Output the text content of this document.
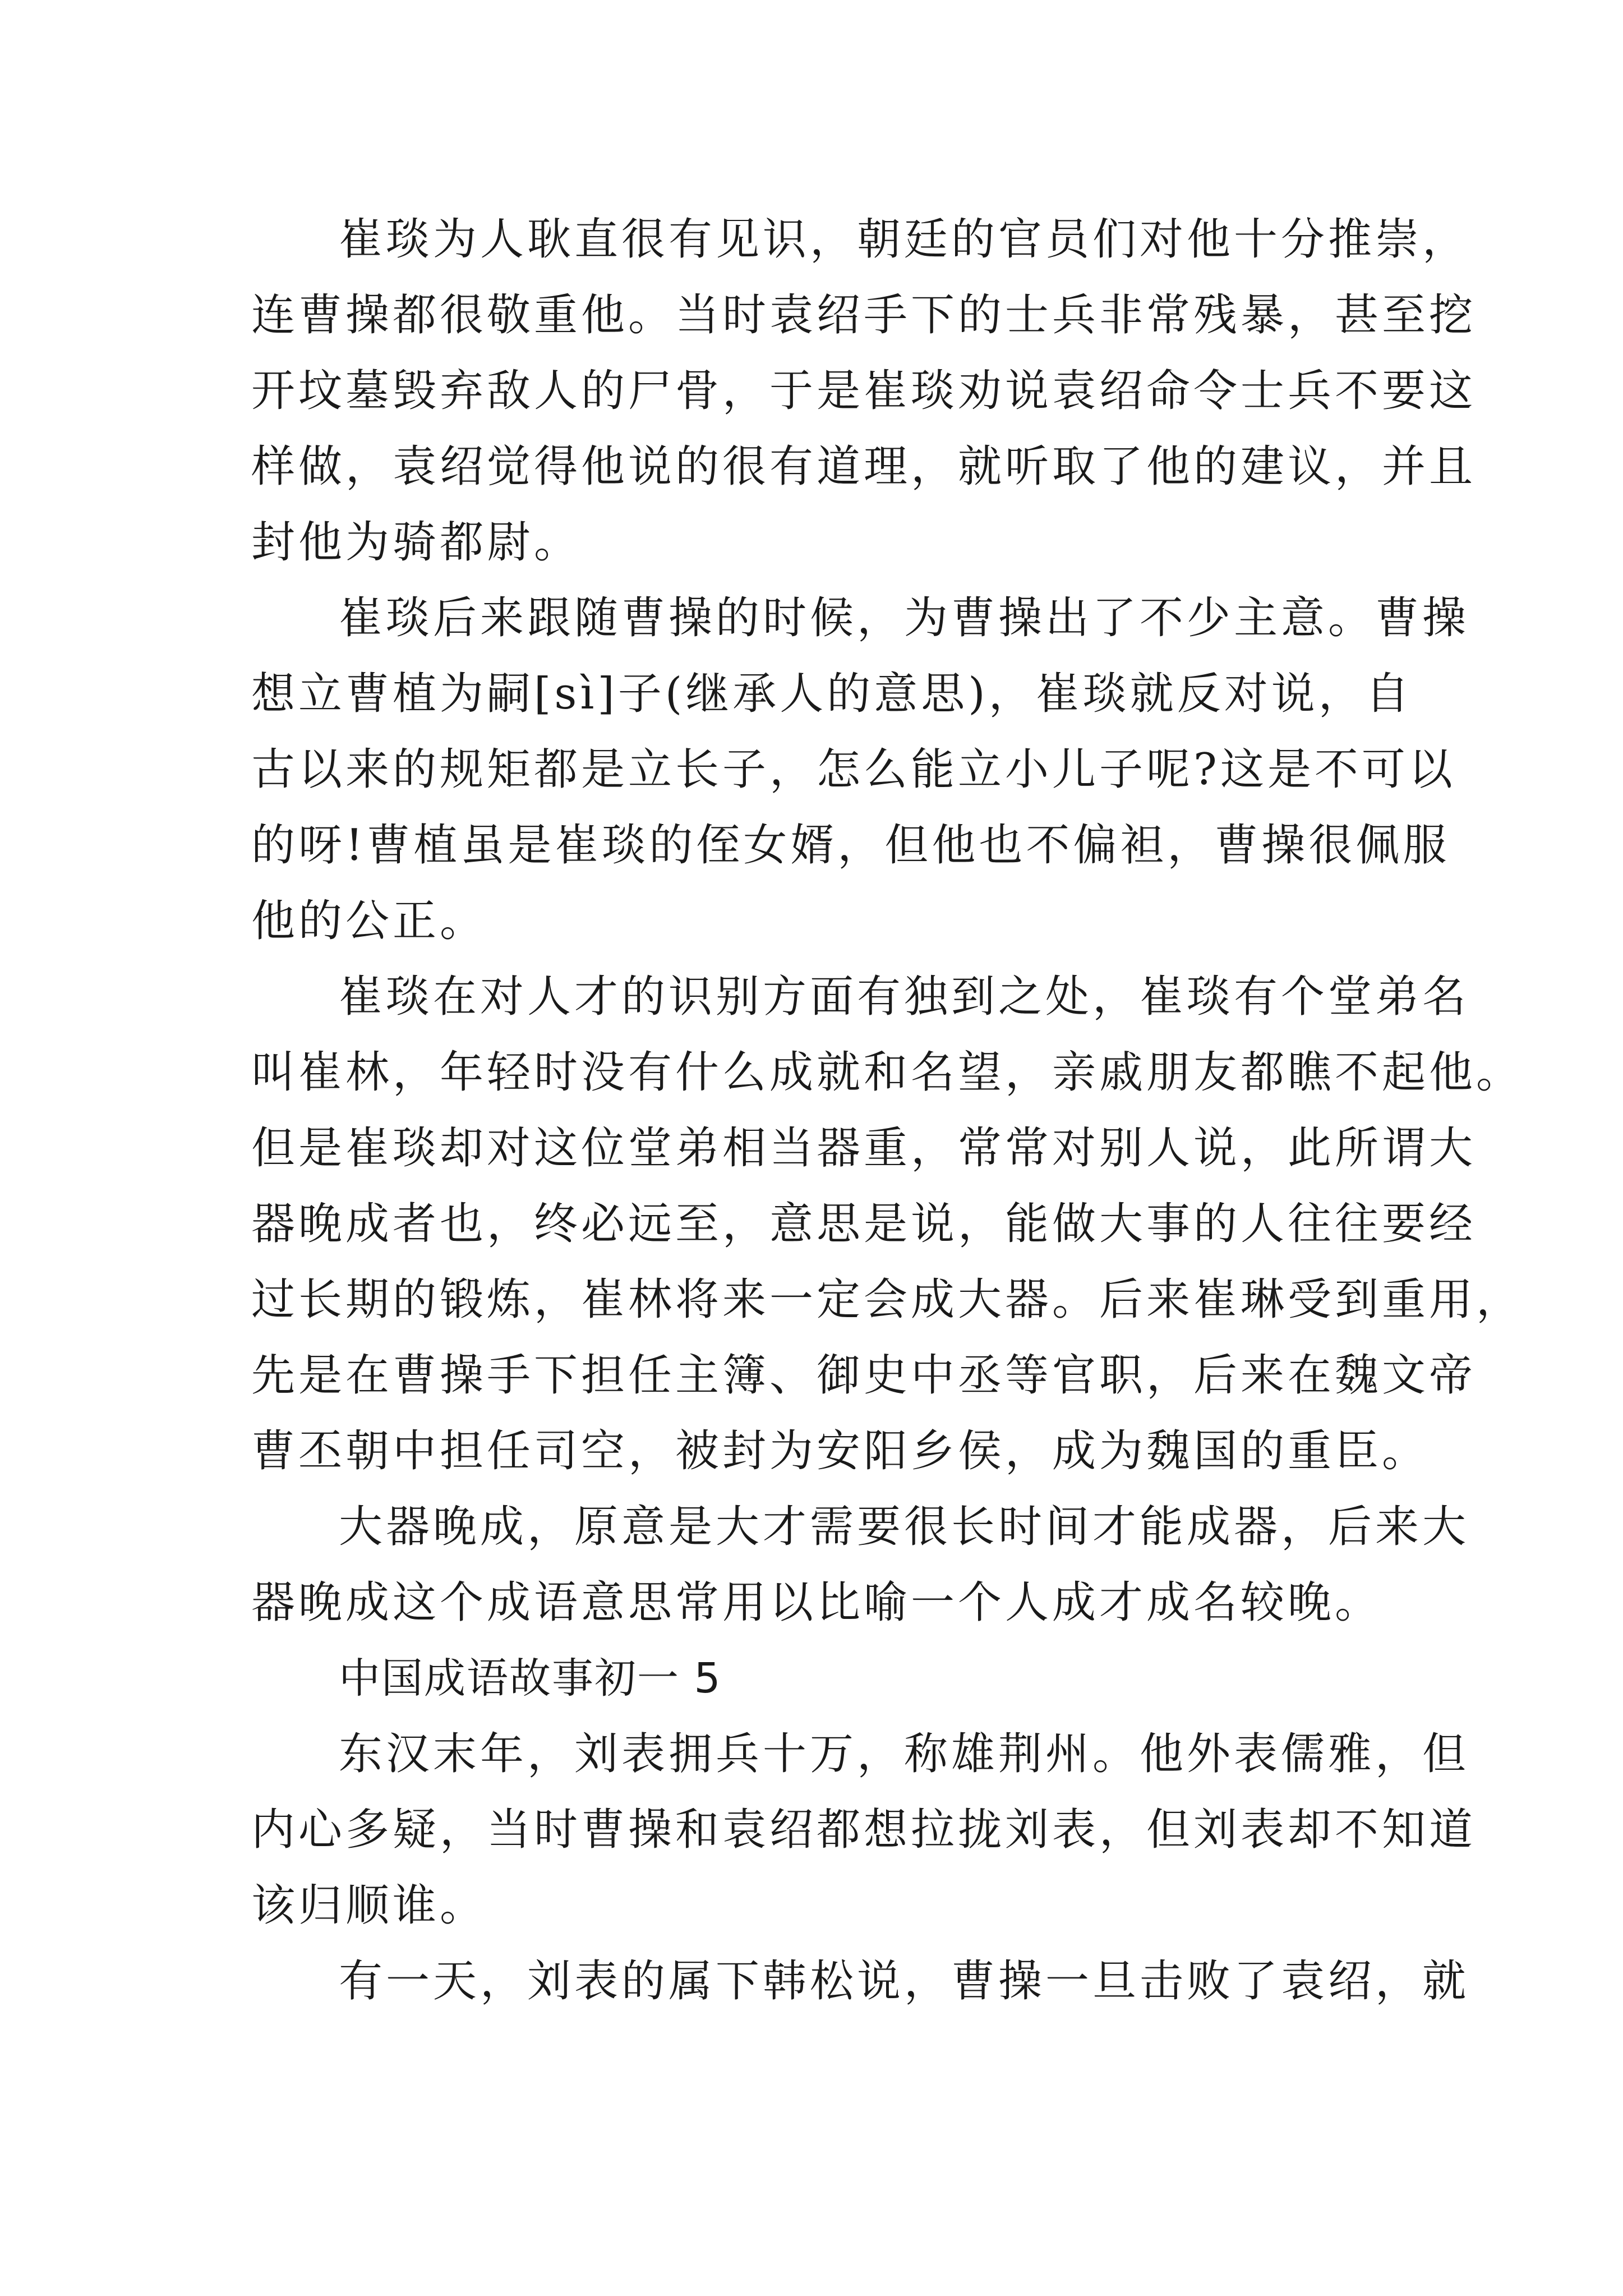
崔琰为人耿直很有见识，朝廷的官员们对他十分推崇，
连曹操都很敬重他。当时袁绍手下的士兵非常残暴，甚至挖
开坟墓毁弃敌人的尸骨，于是崔琰劝说袁绍命令士兵不要这
样做，袁绍觉得他说的很有道理，就听取了他的建议，并且
封他为骑都尉。
崔琰后来跟随曹操的时候，为曹操出了不少主意。曹操
想立曹植为嗣[sì]子(继承人的意思)，崔琰就反对说，自
古以来的规矩都是立长子，怎么能立小儿子呢?这是不可以
的呀!曹植虽是崔琰的侄女婿，但他也不偏袒，曹操很佩服
他的公正。
崔琰在对人才的识别方面有独到之处，崔琰有个堂弟名
叫崔林，年轻时没有什么成就和名望，亲戚朋友都瞧不起他。
但是崔琰却对这位堂弟相当器重，常常对别人说，此所谓大
器晚成者也，终必远至，意思是说，能做大事的人往往要经
过长期的锻炼，崔林将来一定会成大器。后来崔琳受到重用，
先是在曹操手下担任主簿、御史中丞等官职，后来在魏文帝
曹丕朝中担任司空，被封为安阳乡侯，成为魏国的重臣。
大器晚成，原意是大才需要很长时间才能成器，后来大
器晚成这个成语意思常用以比喻一个人成才成名较晚。
中国成语故事初一 5
东汉末年，刘表拥兵十万，称雄荆州。他外表儒雅，但
内心多疑，当时曹操和袁绍都想拉拢刘表，但刘表却不知道
该归顺谁。
有一天，刘表的属下韩松说，曹操一旦击败了袁绍，就
